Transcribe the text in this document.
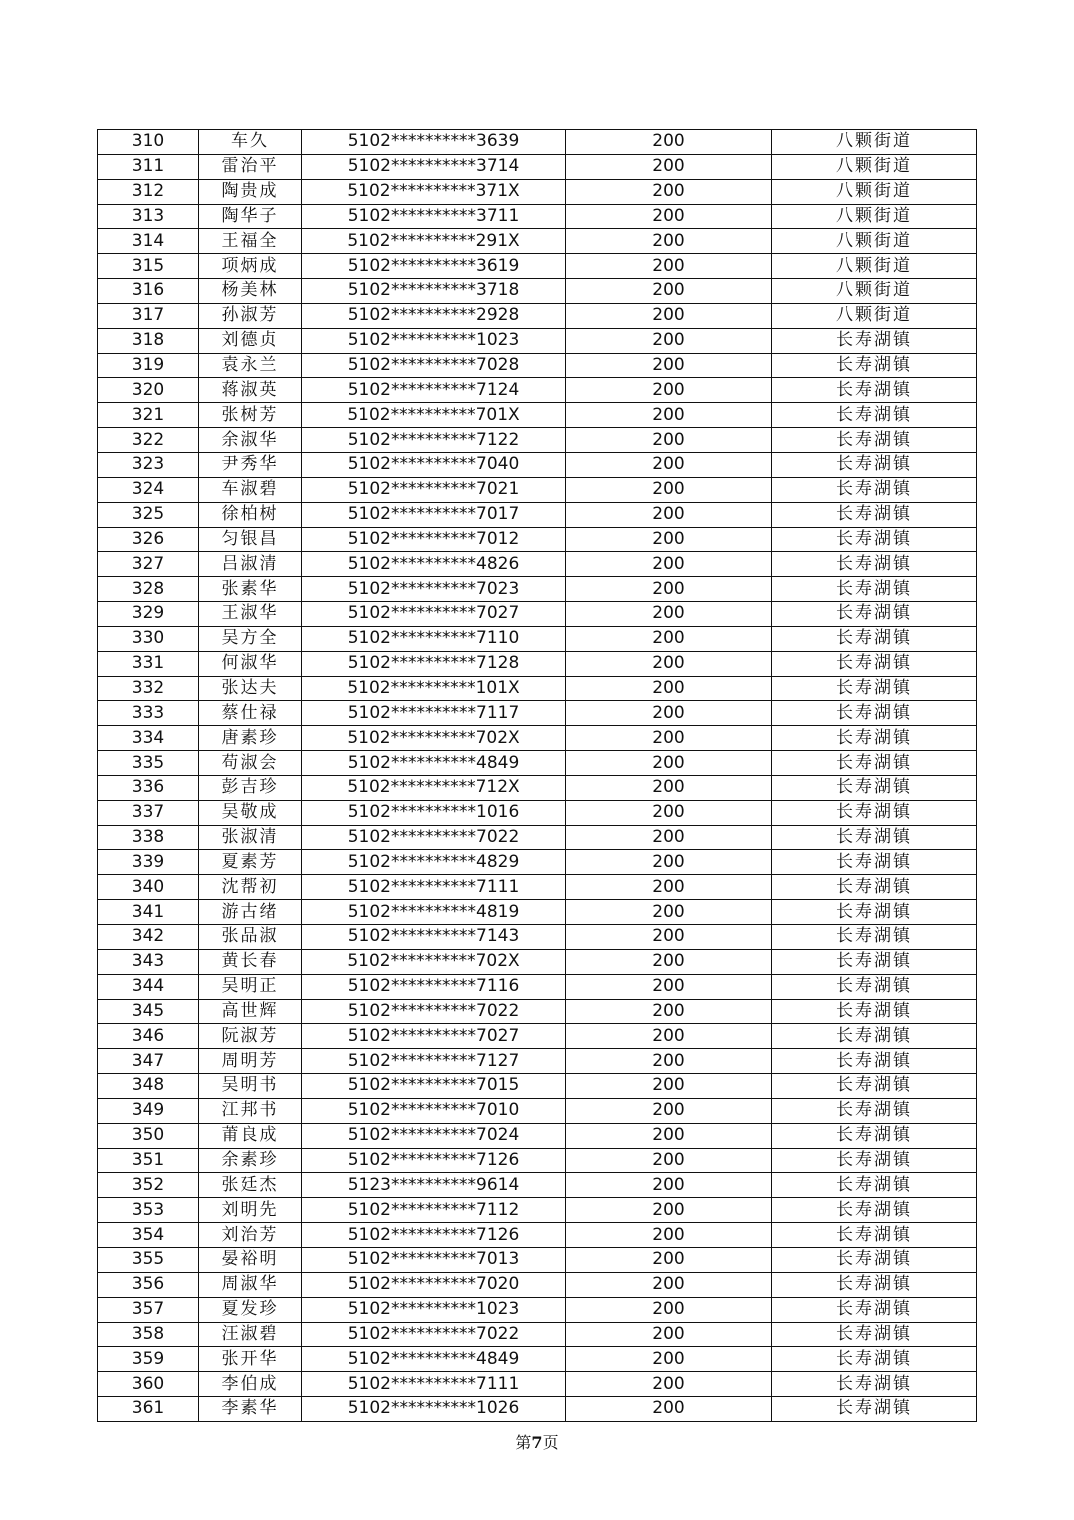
310	车久	5102**********3639	200	八颗街道
311	雷治平	5102**********3714	200	八颗街道
312	陶贵成	5102**********371X	200	八颗街道
313	陶华子	5102**********3711	200	八颗街道
314	王福全	5102**********291X	200	八颗街道
315	项炳成	5102**********3619	200	八颗街道
316	杨美林	5102**********3718	200	八颗街道
317	孙淑芳	5102**********2928	200	八颗街道
318	刘德贞	5102**********1023	200	长寿湖镇
319	袁永兰	5102**********7028	200	长寿湖镇
320	蒋淑英	5102**********7124	200	长寿湖镇
321	张树芳	5102**********701X	200	长寿湖镇
322	余淑华	5102**********7122	200	长寿湖镇
323	尹秀华	5102**********7040	200	长寿湖镇
324	车淑碧	5102**********7021	200	长寿湖镇
325	徐柏树	5102**********7017	200	长寿湖镇
326	匀银昌	5102**********7012	200	长寿湖镇
327	吕淑清	5102**********4826	200	长寿湖镇
328	张素华	5102**********7023	200	长寿湖镇
329	王淑华	5102**********7027	200	长寿湖镇
330	吴方全	5102**********7110	200	长寿湖镇
331	何淑华	5102**********7128	200	长寿湖镇
332	张达夫	5102**********101X	200	长寿湖镇
333	蔡仕禄	5102**********7117	200	长寿湖镇
334	唐素珍	5102**********702X	200	长寿湖镇
335	苟淑会	5102**********4849	200	长寿湖镇
336	彭吉珍	5102**********712X	200	长寿湖镇
337	吴敬成	5102**********1016	200	长寿湖镇
338	张淑清	5102**********7022	200	长寿湖镇
339	夏素芳	5102**********4829	200	长寿湖镇
340	沈帮初	5102**********7111	200	长寿湖镇
341	游古绪	5102**********4819	200	长寿湖镇
342	张品淑	5102**********7143	200	长寿湖镇
343	黄长春	5102**********702X	200	长寿湖镇
344	吴明正	5102**********7116	200	长寿湖镇
345	高世辉	5102**********7022	200	长寿湖镇
346	阮淑芳	5102**********7027	200	长寿湖镇
347	周明芳	5102**********7127	200	长寿湖镇
348	吴明书	5102**********7015	200	长寿湖镇
349	江邦书	5102**********7010	200	长寿湖镇
350	莆良成	5102**********7024	200	长寿湖镇
351	余素珍	5102**********7126	200	长寿湖镇
352	张廷杰	5123**********9614	200	长寿湖镇
353	刘明先	5102**********7112	200	长寿湖镇
354	刘治芳	5102**********7126	200	长寿湖镇
355	晏裕明	5102**********7013	200	长寿湖镇
356	周淑华	5102**********7020	200	长寿湖镇
357	夏发珍	5102**********1023	200	长寿湖镇
358	汪淑碧	5102**********7022	200	长寿湖镇
359	张开华	5102**********4849	200	长寿湖镇
360	李伯成	5102**********7111	200	长寿湖镇
361	李素华	5102**********1026	200	长寿湖镇
第7页
